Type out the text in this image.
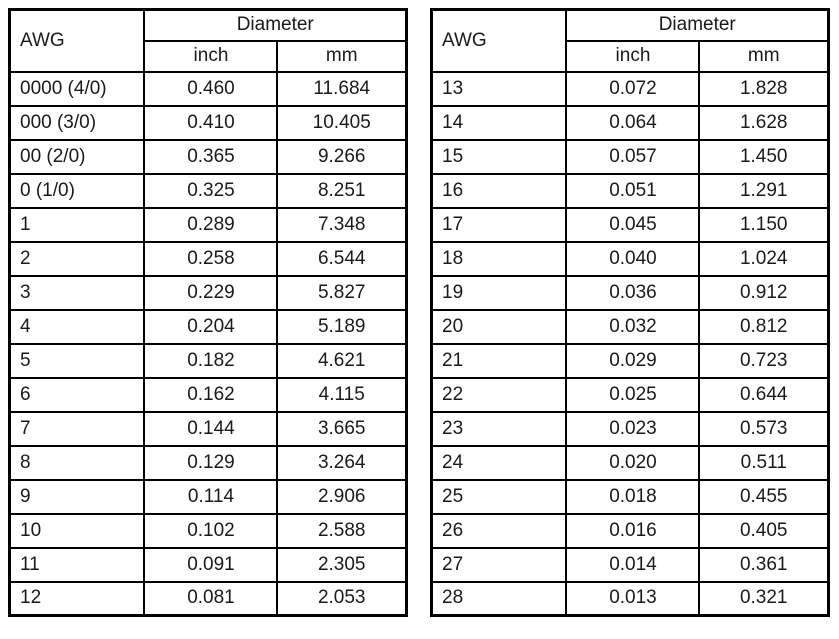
AWG	Diameter	
	inch	mm
0000 (4/0)	0.460	11.684
000 (3/0)	0.410	10.405
00 (2/0)	0.365	9.266
0 (1/0)	0.325	8.251
1	0.289	7.348
2	0.258	6.544
3	0.229	5.827
4	0.204	5.189
5	0.182	4.621
6	0.162	4.115
7	0.144	3.665
8	0.129	3.264
9	0.114	2.906
10	0.102	2.588
11	0.091	2.305
12	0.081	2.053
AWG	Diameter	
	inch	mm
13	0.072	1.828
14	0.064	1.628
15	0.057	1.450
16	0.051	1.291
17	0.045	1.150
18	0.040	1.024
19	0.036	0.912
20	0.032	0.812
21	0.029	0.723
22	0.025	0.644
23	0.023	0.573
24	0.020	0.511
25	0.018	0.455
26	0.016	0.405
27	0.014	0.361
28	0.013	0.321
